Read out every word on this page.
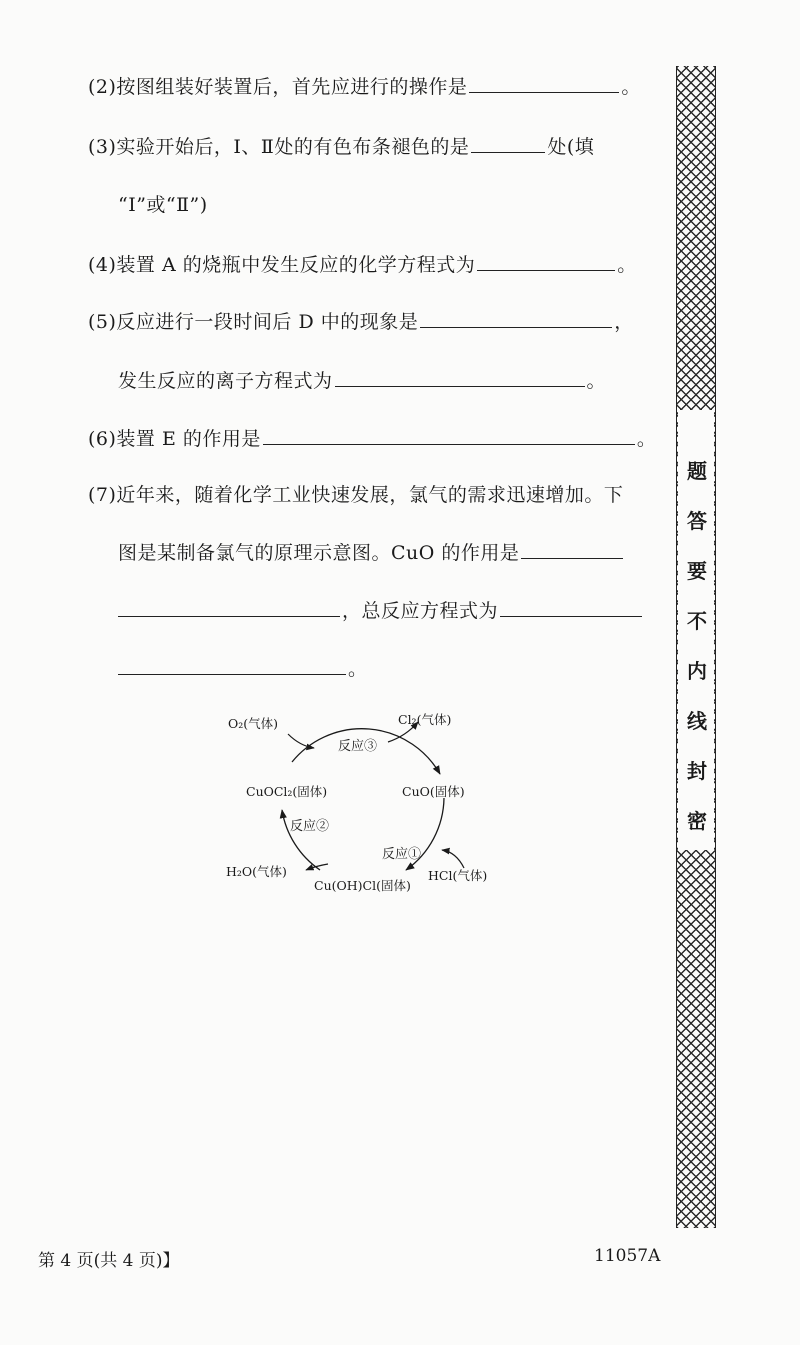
(2)按图组装好装置后，首先应进行的操作是	。
(3)实验开始后，Ⅰ、Ⅱ处的有色布条褪色的是	处(填
“Ⅰ”或“Ⅱ”)
(4)装置 A 的烧瓶中发生反应的化学方程式为	。
(5)反应进行一段时间后 D 中的现象是	，
发生反应的离子方程式为	。
(6)装置 E 的作用是	。
(7)近年来，随着化学工业快速发展，氯气的需求迅速增加。下
图是某制备氯气的原理示意图。CuO 的作用是
，总反应方程式为
。
O₂(气体)	Cl₂(气体)
反应③
CuOCl₂(固体)	CuO(固体)
反应②
反应①
H₂O(气体)	HCl(气体)
Cu(OH)Cl(固体)
题
答
要
不
内
线
封
密
第 4 页(共 4 页)】	11057A
